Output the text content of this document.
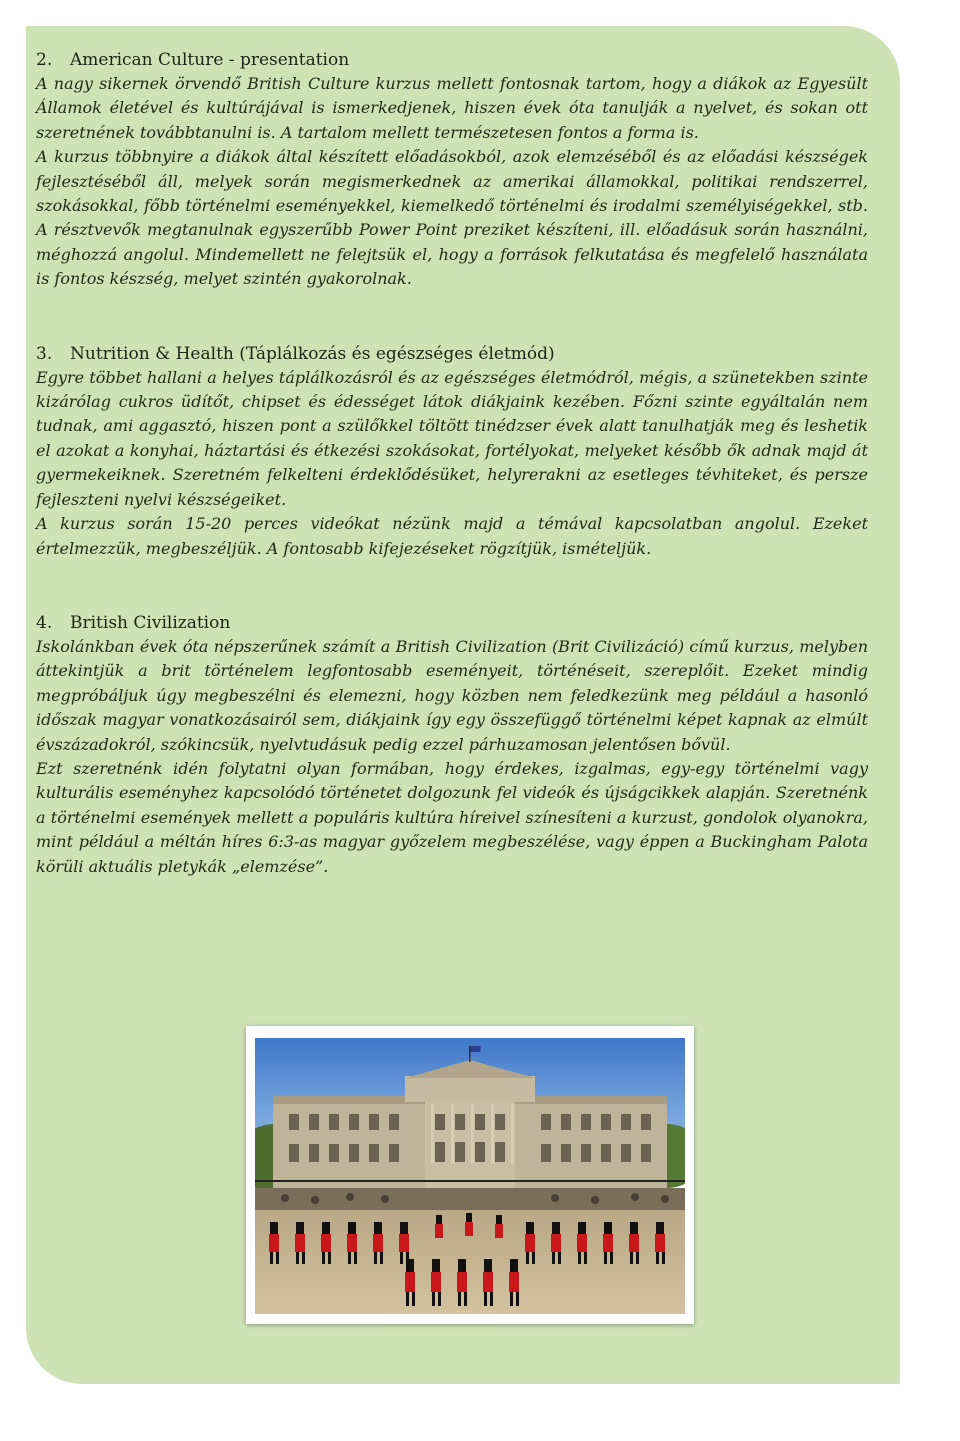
2. American Culture - presentation

A nagy sikernek örvendő British Culture kurzus mellett fontosnak tartom, hogy a diákok az Egyesült Államok életével és kultúrájával is ismerkedjenek, hiszen évek óta tanulják a nyelvet, és sokan ott szeretnének továbbtanulni is. A tartalom mellett természetesen fontos a forma is.

A kurzus többnyire a diákok által készített előadásokból, azok elemzéséből és az előadási készségek fejlesztéséből áll, melyek során megismerkednek az amerikai államokkal, politikai rendszerrel, szokásokkal, főbb történelmi eseményekkel, kiemelkedő történelmi és irodalmi személyiségekkel, stb. A résztvevők megtanulnak egyszerűbb Power Point preziket készíteni, ill. előadásuk során használni, méghozzá angolul. Mindemellett ne felejtsük el, hogy a források felkutatása és megfelelő használata is fontos készség, melyet szintén gyakorolnak.

3. Nutrition & Health (Táplálkozás és egészséges életmód)

Egyre többet hallani a helyes táplálkozásról és az egészséges életmódról, mégis, a szünetekben szinte kizárólag cukros üdítőt, chipset és édességet látok diákjaink kezében. Főzni szinte egyáltalán nem tudnak, ami aggasztó, hiszen pont a szülőkkel töltött tinédzser évek alatt tanulhatják meg és leshetik el azokat a konyhai, háztartási és étkezési szokásokat, fortélyokat, melyeket később ők adnak majd át gyermekeiknek. Szeretném felkelteni érdeklődésüket, helyrerakni az esetleges tévhiteket, és persze fejleszteni nyelvi készségeiket.

A kurzus során 15-20 perces videókat nézünk majd a témával kapcsolatban angolul. Ezeket értelmezzük, megbeszéljük. A fontosabb kifejezéseket rögzítjük, ismételjük.

4. British Civilization

Iskolánkban évek óta népszerűnek számít a British Civilization (Brit Civilizáció) című kurzus, melyben áttekintjük a brit történelem legfontosabb eseményeit, történéseit, szereplőit. Ezeket mindig megpróbáljuk úgy megbeszélni és elemezni, hogy közben nem feledkezünk meg például a hasonló időszak magyar vonatkozásairól sem, diákjaink így egy összefüggő történelmi képet kapnak az elmúlt évszázadokról, szókincsük, nyelvtudásuk pedig ezzel párhuzamosan jelentősen bővül.

Ezt szeretnénk idén folytatni olyan formában, hogy érdekes, izgalmas, egy-egy történelmi vagy kulturális eseményhez kapcsolódó történetet dolgozunk fel videók és újságcikkek alapján. Szeretnénk a történelmi események mellett a populáris kultúra híreivel színesíteni a kurzust, gondolok olyanokra, mint például a méltán híres 6:3-as magyar győzelem megbeszélése, vagy éppen a Buckingham Palota körüli aktuális pletykák „elemzése”.
